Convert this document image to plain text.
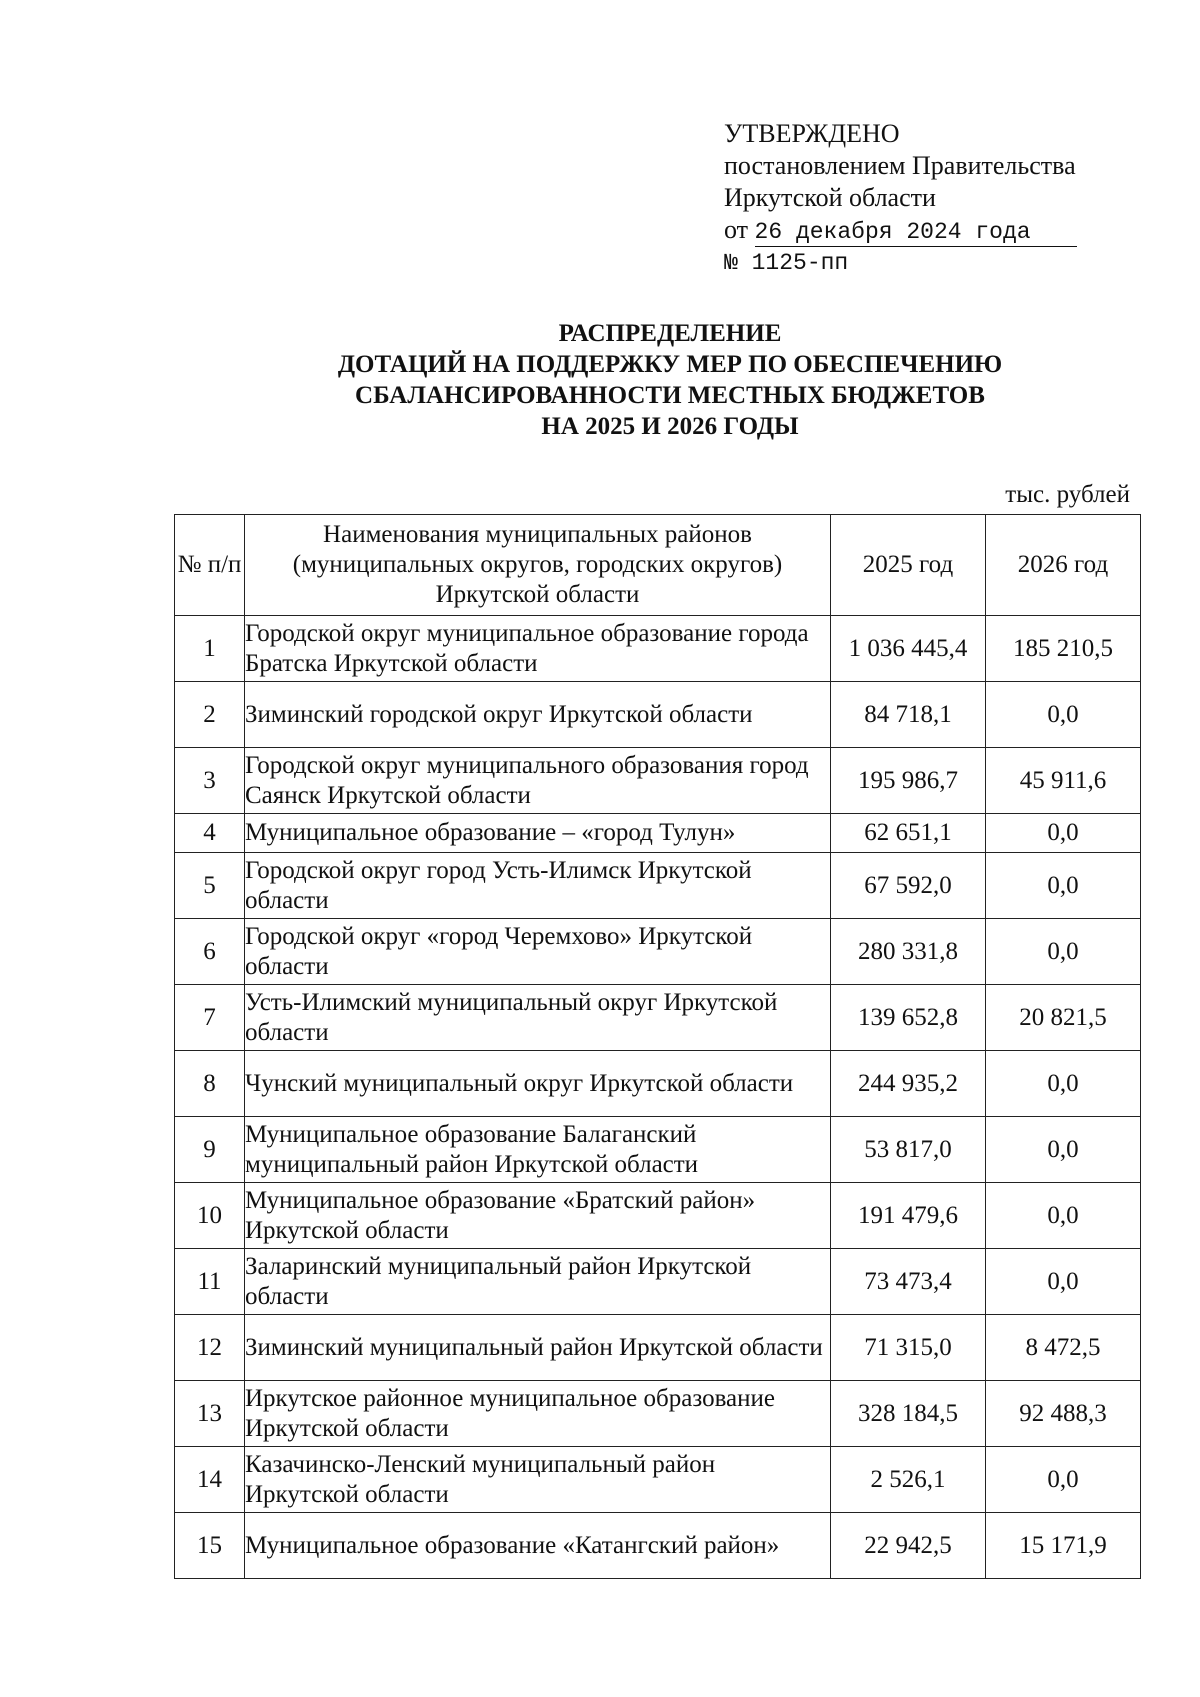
УТВЕРЖДЕНО
постановлением Правительства
Иркутской области
от 26 декабря 2024 года
№ 1125-пп
РАСПРЕДЕЛЕНИЕ
ДОТАЦИЙ НА ПОДДЕРЖКУ МЕР ПО ОБЕСПЕЧЕНИЮ
СБАЛАНСИРОВАННОСТИ МЕСТНЫХ БЮДЖЕТОВ
НА 2025 И 2026 ГОДЫ
тыс. рублей
№ п/п	Наименования муниципальных районов (муниципальных округов, городских округов) Иркутской области	2025 год	2026 год
1	Городской округ муниципальное образование города Братска Иркутской области	1 036 445,4	185 210,5
2	Зиминский городской округ Иркутской области	84 718,1	0,0
3	Городской округ муниципального образования город Саянск Иркутской области	195 986,7	45 911,6
4	Муниципальное образование – «город Тулун»	62 651,1	0,0
5	Городской округ город Усть-Илимск Иркутской области	67 592,0	0,0
6	Городской округ «город Черемхово» Иркутской области	280 331,8	0,0
7	Усть-Илимский муниципальный округ Иркутской области	139 652,8	20 821,5
8	Чунский муниципальный округ Иркутской области	244 935,2	0,0
9	Муниципальное образование Балаганский муниципальный район Иркутской области	53 817,0	0,0
10	Муниципальное образование «Братский район» Иркутской области	191 479,6	0,0
11	Заларинский муниципальный район Иркутской области	73 473,4	0,0
12	Зиминский муниципальный район Иркутской области	71 315,0	8 472,5
13	Иркутское районное муниципальное образование Иркутской области	328 184,5	92 488,3
14	Казачинско-Ленский муниципальный район Иркутской области	2 526,1	0,0
15	Муниципальное образование «Катангский район»	22 942,5	15 171,9
